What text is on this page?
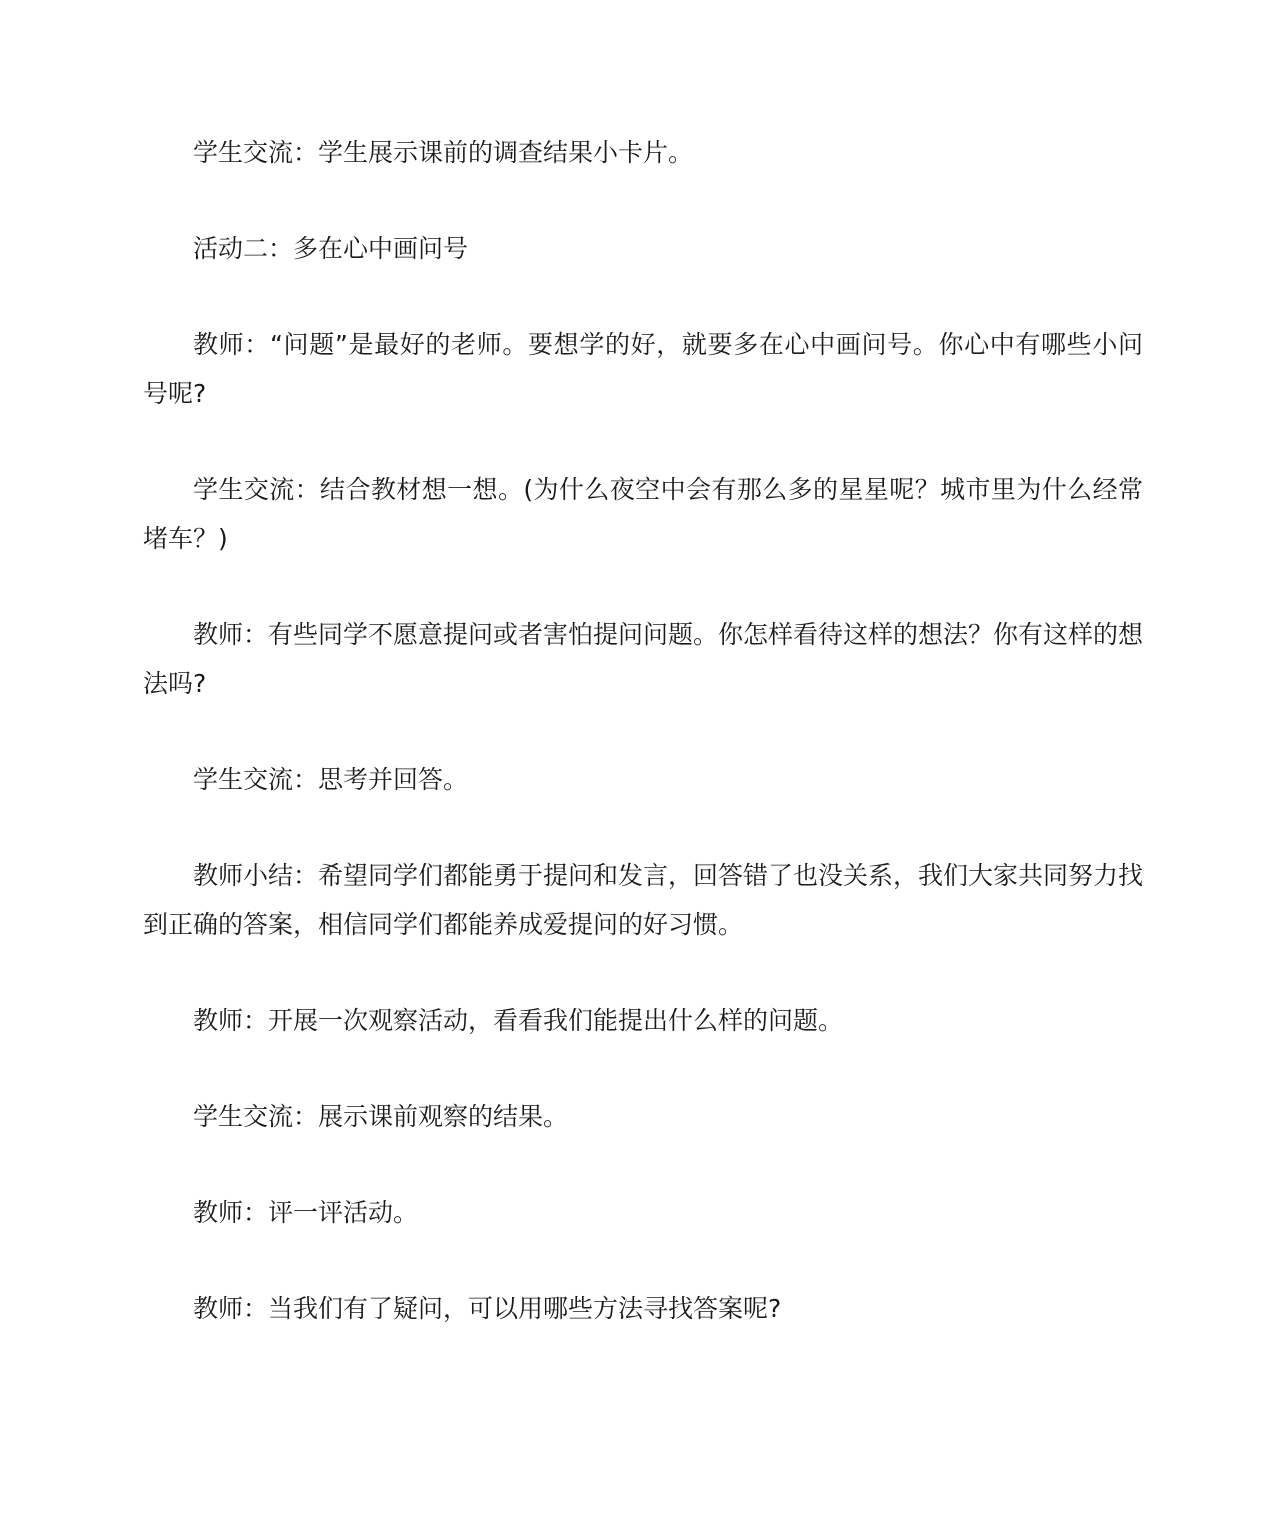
学生交流：学生展示课前的调查结果小卡片。

活动二：多在心中画问号

教师：“问题”是最好的老师。要想学的好，就要多在心中画问号。你心中有哪些小问号呢?

学生交流：结合教材想一想。(为什么夜空中会有那么多的星星呢？城市里为什么经常堵车？)

教师：有些同学不愿意提问或者害怕提问问题。你怎样看待这样的想法？你有这样的想法吗?

学生交流：思考并回答。

教师小结：希望同学们都能勇于提问和发言，回答错了也没关系，我们大家共同努力找到正确的答案，相信同学们都能养成爱提问的好习惯。

教师：开展一次观察活动，看看我们能提出什么样的问题。

学生交流：展示课前观察的结果。

教师：评一评活动。

教师：当我们有了疑问，可以用哪些方法寻找答案呢?
